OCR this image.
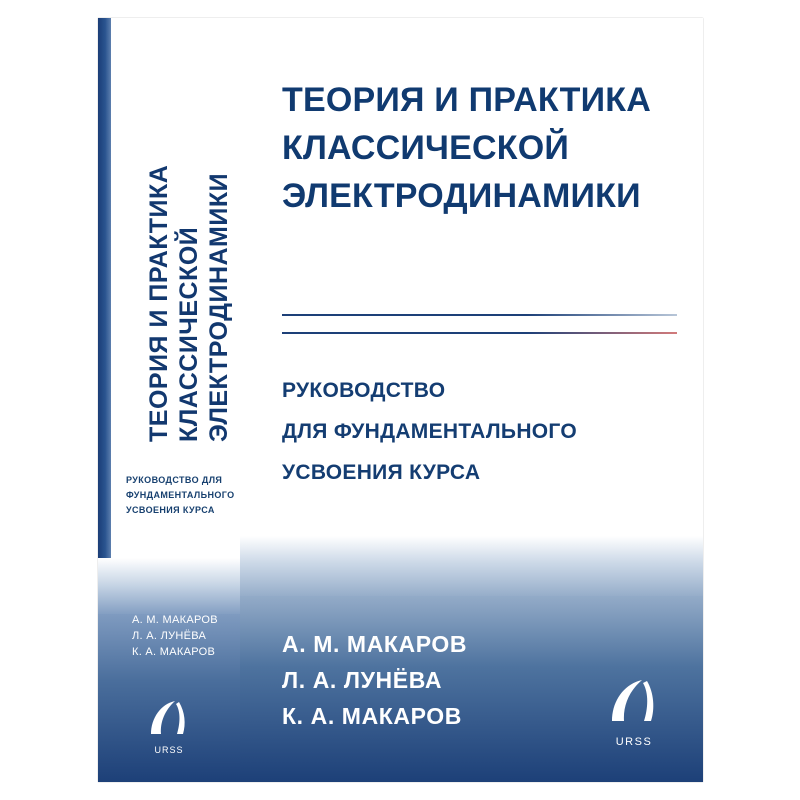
ТЕОРИЯ И ПРАКТИКА КЛАССИЧЕСКОЙ ЭЛЕКТРОДИНАМИКИ
РУКОВОДСТВО ДЛЯ ФУНДАМЕНТАЛЬНОГО УСВОЕНИЯ КУРСА
А. М. МАКАРОВ
Л. А. ЛУНЁВА
К. А. МАКАРОВ
URSS
ТЕОРИЯ И ПРАКТИКА
КЛАССИЧЕСКОЙ
ЭЛЕКТРОДИНАМИКИ
РУКОВОДСТВО
ДЛЯ ФУНДАМЕНТАЛЬНОГО
УСВОЕНИЯ КУРСА
А. М. МАКАРОВ
Л. А. ЛУНЁВА
К. А. МАКАРОВ
URSS
